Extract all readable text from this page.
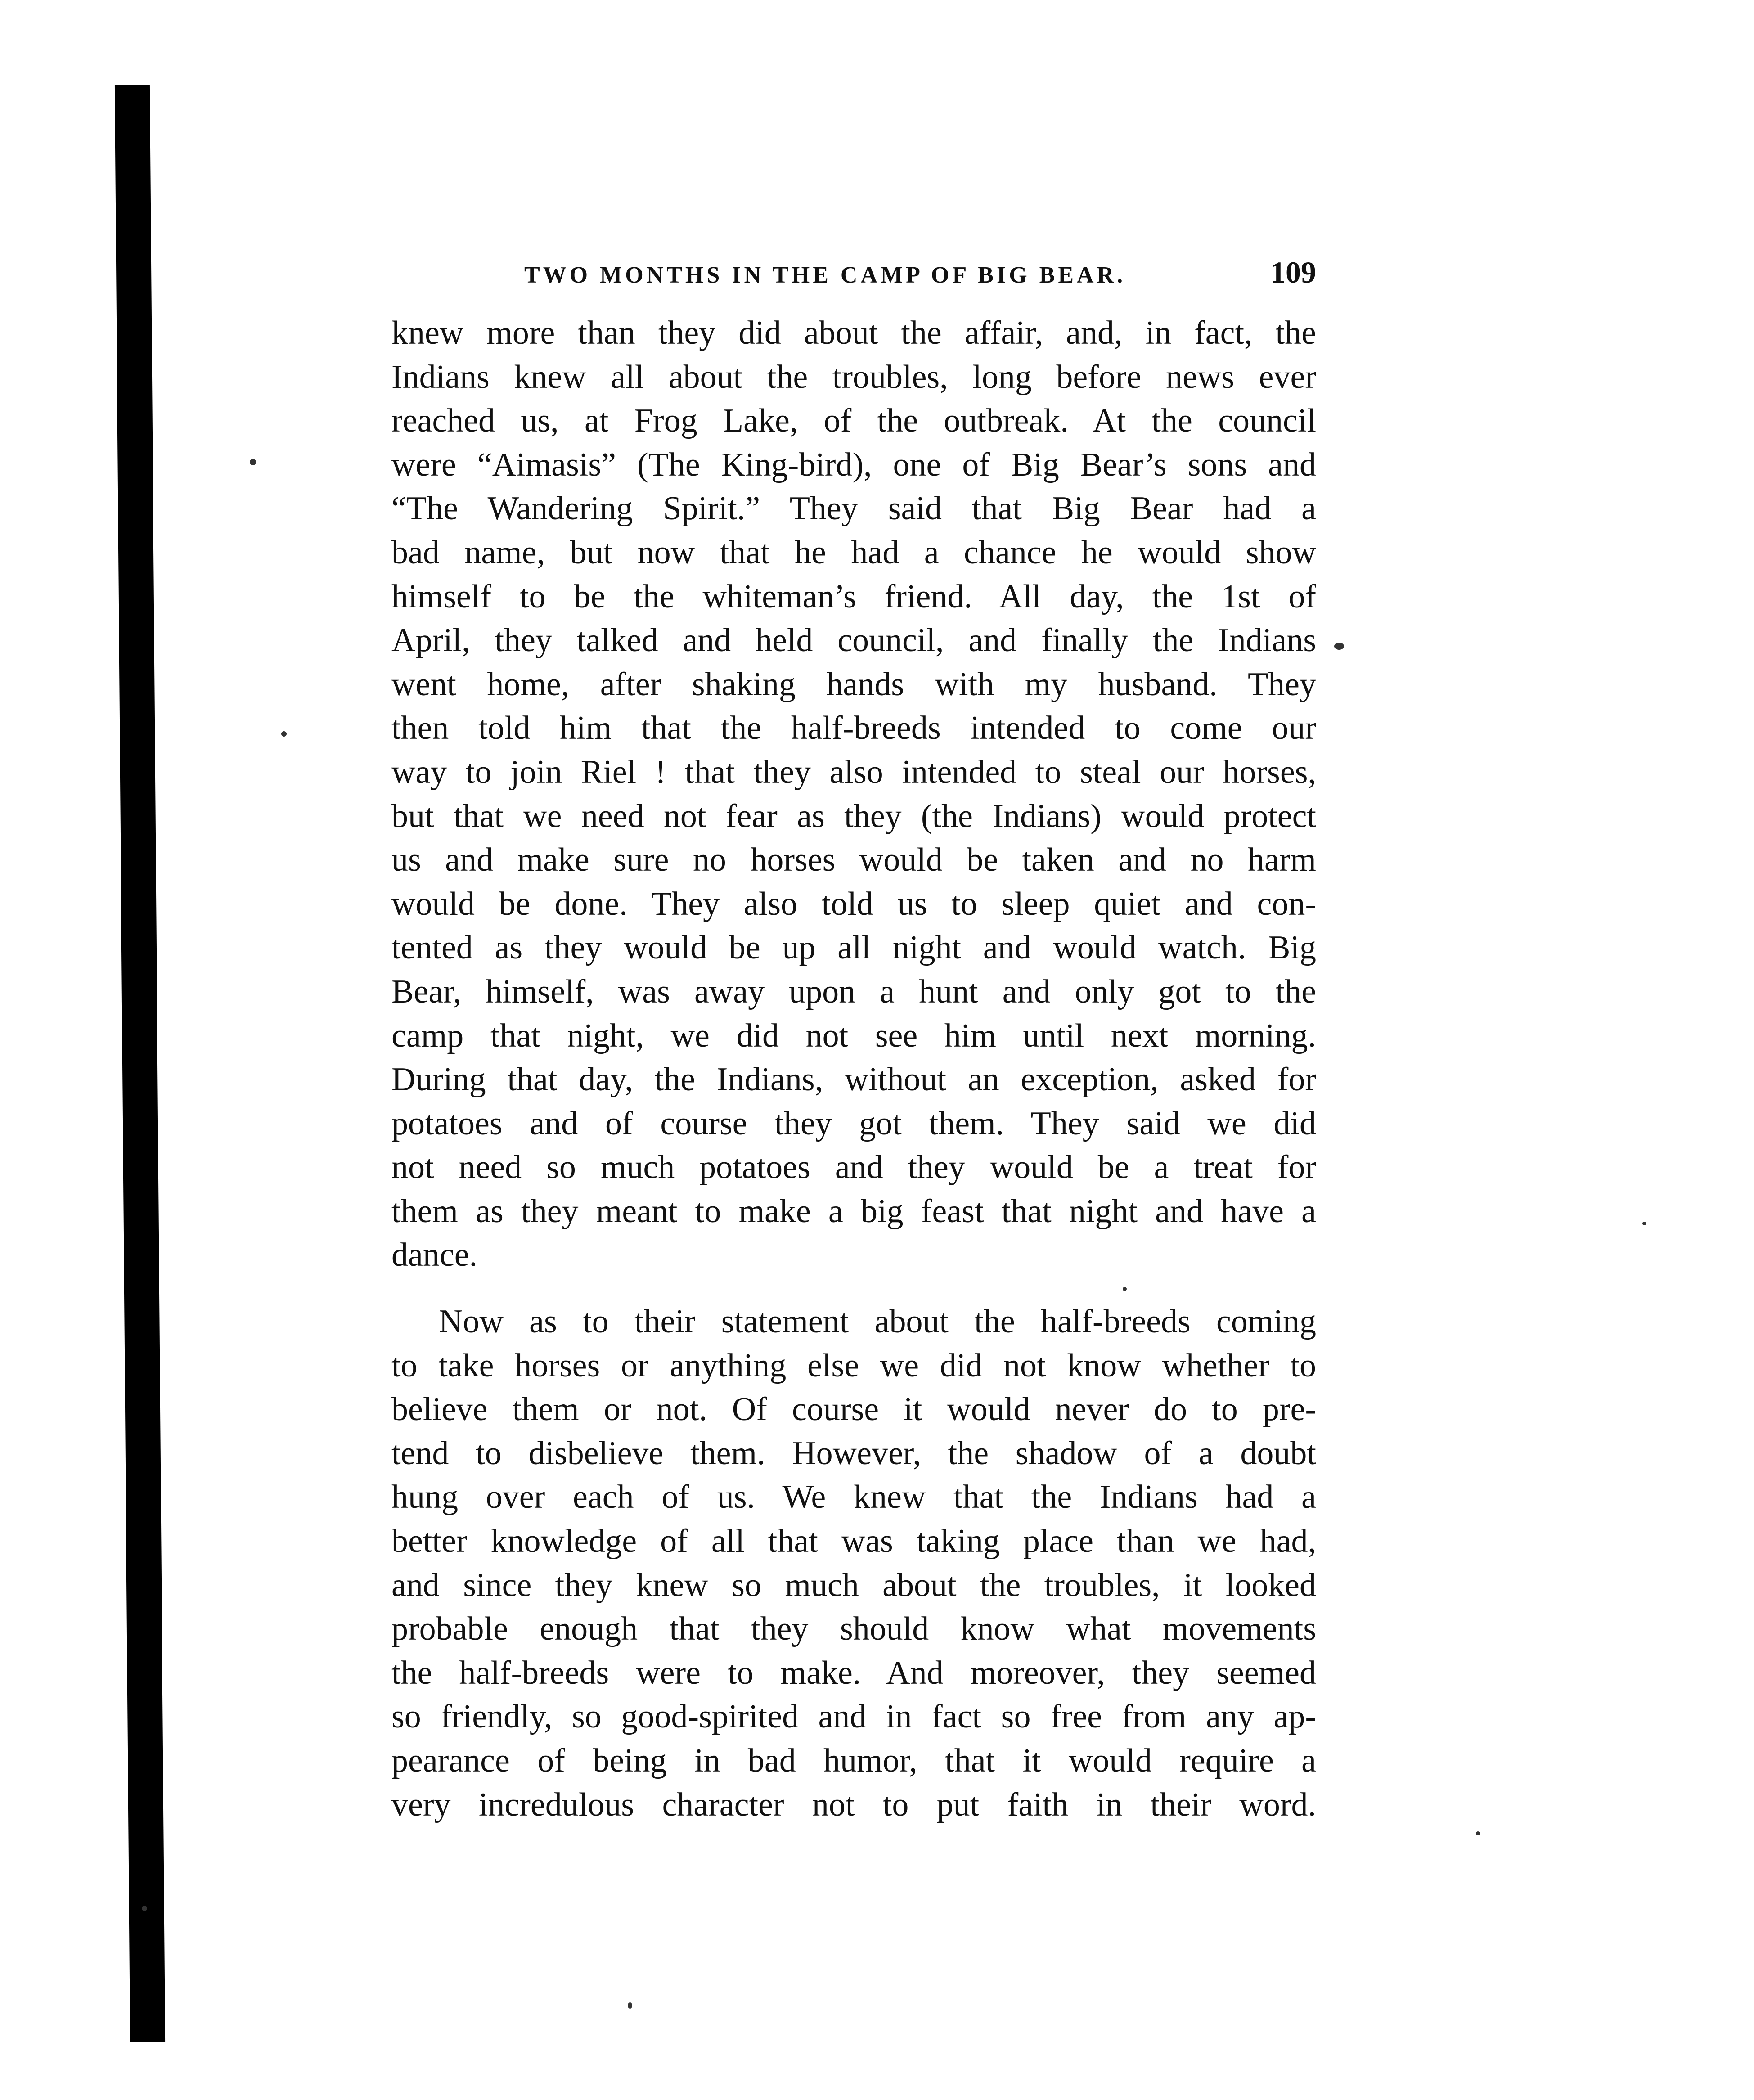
TWO MONTHS IN THE CAMP OF BIG BEAR.	109

knew more than they did about the affair, and, in fact, the
Indians knew all about the troubles, long before news ever
reached us, at Frog Lake, of the outbreak. At the council
were “Aimasis” (The King-bird), one of Big Bear’s sons and
“The Wandering Spirit.” They said that Big Bear had a
bad name, but now that he had a chance he would show
himself to be the whiteman’s friend. All day, the 1st of
April, they talked and held council, and finally the Indians
went home, after shaking hands with my husband. They
then told him that the half-breeds intended to come our
way to join Riel ! that they also intended to steal our horses,
but that we need not fear as they (the Indians) would protect
us and make sure no horses would be taken and no harm
would be done. They also told us to sleep quiet and con-
tented as they would be up all night and would watch. Big
Bear, himself, was away upon a hunt and only got to the
camp that night, we did not see him until next morning.
During that day, the Indians, without an exception, asked for
potatoes and of course they got them. They said we did
not need so much potatoes and they would be a treat for
them as they meant to make a big feast that night and have a
dance.

Now as to their statement about the half-breeds coming
to take horses or anything else we did not know whether to
believe them or not. Of course it would never do to pre-
tend to disbelieve them. However, the shadow of a doubt
hung over each of us. We knew that the Indians had a
better knowledge of all that was taking place than we had,
and since they knew so much about the troubles, it looked
probable enough that they should know what movements
the half-breeds were to make. And moreover, they seemed
so friendly, so good-spirited and in fact so free from any ap-
pearance of being in bad humor, that it would require a
very incredulous character not to put faith in their word.
